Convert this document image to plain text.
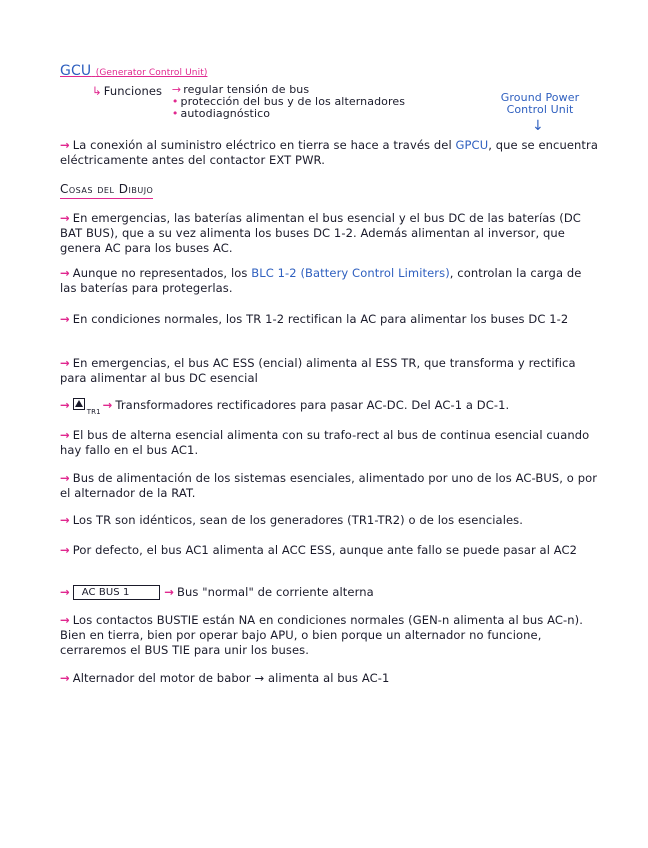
GCU (Generator Control Unit)
↳ Funciones → regular tensión de bus
• protección del bus y de los alternadores
• autodiagnóstico
Ground Power
Control Unit
↓
→ La conexión al suministro eléctrico en tierra se hace a través del GPCU, que se encuentra eléctricamente antes del contactor EXT PWR.
Cosas del Dibujo
→ En emergencias, las baterías alimentan el bus esencial y el bus DC de las baterías (DC BAT BUS), que a su vez alimenta los buses DC 1-2. Además alimentan al inversor, que genera AC para los buses AC.
→ Aunque no representados, los BLC 1-2 (Battery Control Limiters), controlan la carga de las baterías para protegerlas.
→ En condiciones normales, los TR 1-2 rectifican la AC para alimentar los buses DC 1-2
→ En emergencias, el bus AC ESS (encial) alimenta al ESS TR, que transforma y rectifica para alimentar al bus DC esencial
→ $_{TR1}$ → Transformadores rectificadores para pasar AC-DC. Del AC-1 a DC-1.
→ El bus de alterna esencial alimenta con su trafo-rect al bus de continua esencial cuando hay fallo en el bus AC1.
→ Bus de alimentación de los sistemas esenciales, alimentado por uno de los AC-BUS, o por el alternador de la RAT.
→ Los TR son idénticos, sean de los generadores (TR1-TR2) o de los esenciales.
→ Por defecto, el bus AC1 alimenta al ACC ESS, aunque ante fallo se puede pasar al AC2
→ AC BUS 1	→ Bus "normal" de corriente alterna
→ Los contactos BUSTIE están NA en condiciones normales (GEN-n alimenta al bus AC-n). Bien en tierra, bien por operar bajo APU, o bien porque un alternador no funcione, cerraremos el BUS TIE para unir los buses.
→ Alternador del motor de babor → alimenta al bus AC-1
